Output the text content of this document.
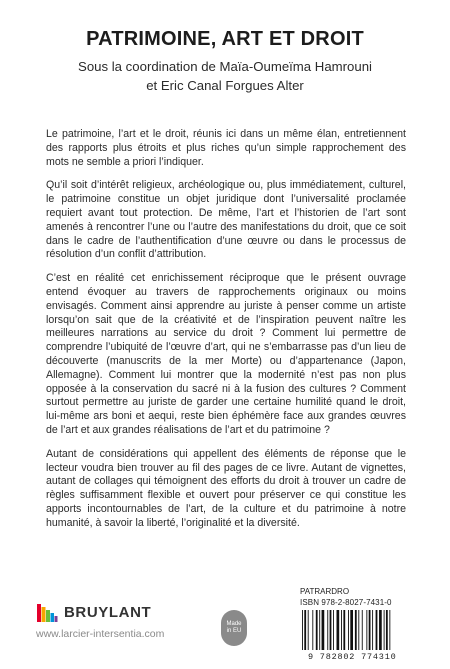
PATRIMOINE, ART ET DROIT
Sous la coordination de Maïa-Oumeïma Hamrouni
et Eric Canal Forgues Alter

Le patrimoine, l’art et le droit, réunis ici dans un même élan, entretiennent des rapports plus étroits et plus riches qu’un simple rapprochement des mots ne semble a priori l’indiquer.

Qu’il soit d’intérêt religieux, archéologique ou, plus immédiatement, culturel, le patrimoine constitue un objet juridique dont l’universalité proclamée requiert avant tout protection. De même, l’art et l’historien de l’art sont amenés à rencontrer l’une ou l’autre des manifestations du droit, que ce soit dans le cadre de l’authentification d’une œuvre ou dans le processus de résolution d’un conflit d’attribution.

C’est en réalité cet enrichissement réciproque que le présent ouvrage entend évoquer au travers de rapprochements originaux ou moins envisagés. Comment ainsi apprendre au juriste à penser comme un artiste lorsqu’on sait que de la créativité et de l’inspiration peuvent naître les meilleures narrations au service du droit ? Comment lui permettre de comprendre l’ubiquité de l’œuvre d’art, qui ne s’embarrasse pas d’un lieu de découverte (manuscrits de la mer Morte) ou d’appartenance (Japon, Allemagne). Comment lui montrer que la modernité n’est pas non plus opposée à la conservation du sacré ni à la fusion des cultures ? Comment surtout permettre au juriste de garder une certaine humilité quand le droit, lui-même ars boni et aequi, reste bien éphémère face aux grandes œuvres de l’art et aux grandes réalisations de l’art et du patrimoine ?

Autant de considérations qui appellent des éléments de réponse que le lecteur voudra bien trouver au fil des pages de ce livre. Autant de vignettes, autant de collages qui témoignent des efforts du droit à trouver un cadre de règles suffisamment flexible et ouvert pour préserver ce qui constitue les apports incontournables de l’art, de la culture et du patrimoine à notre humanité, à savoir la liberté, l’originalité et la diversité.

BRUYLANT
www.larcier-intersentia.com
Made
in EU
PATRARDRO
ISBN 978-2-8027-7431-0
9 782802 774310
